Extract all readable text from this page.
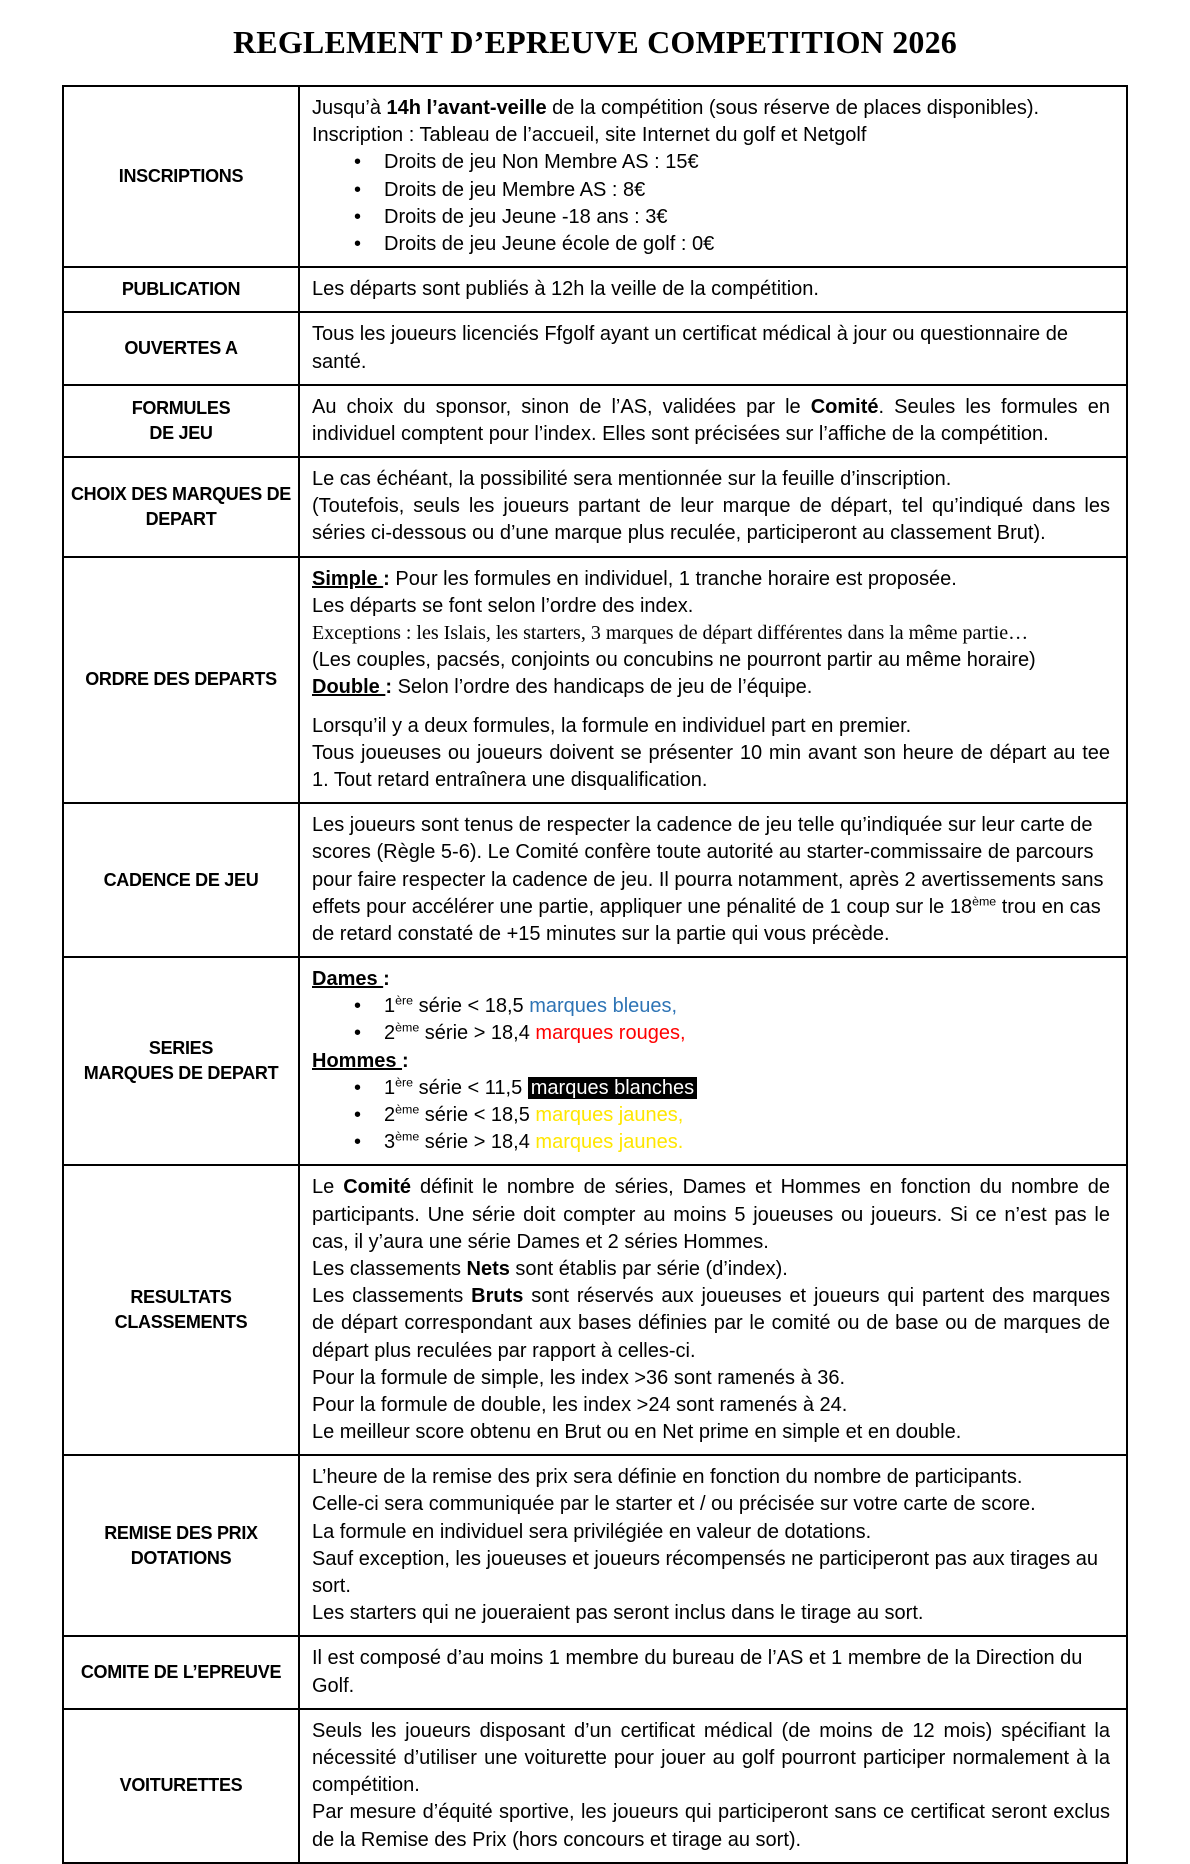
REGLEMENT D’EPREUVE COMPETITION 2026
INSCRIPTIONS
Jusqu’à 14h l’avant-veille de la compétition (sous réserve de places disponibles).
Inscription : Tableau de l’accueil, site Internet du golf et Netgolf
• Droits de jeu Non Membre AS : 15€
• Droits de jeu Membre AS : 8€
• Droits de jeu Jeune -18 ans : 3€
• Droits de jeu Jeune école de golf : 0€
PUBLICATION	Les départs sont publiés à 12h la veille de la compétition.
OUVERTES A
Tous les joueurs licenciés Ffgolf ayant un certificat médical à jour ou questionnaire de santé.
FORMULES
DE JEU
Au choix du sponsor, sinon de l’AS, validées par le Comité. Seules les formules en individuel comptent pour l’index. Elles sont précisées sur l’affiche de la compétition.
CHOIX DES MARQUES DE
DEPART
Le cas échéant, la possibilité sera mentionnée sur la feuille d’inscription.
(Toutefois, seuls les joueurs partant de leur marque de départ, tel qu’indiqué dans les séries ci-dessous ou d’une marque plus reculée, participeront au classement Brut).
ORDRE DES DEPARTS
Simple : Pour les formules en individuel, 1 tranche horaire est proposée.
Les départs se font selon l’ordre des index.
Exceptions : les Islais, les starters, 3 marques de départ différentes dans la même partie…
(Les couples, pacsés, conjoints ou concubins ne pourront partir au même horaire)
Double : Selon l’ordre des handicaps de jeu de l’équipe.
Lorsqu’il y a deux formules, la formule en individuel part en premier.
Tous joueuses ou joueurs doivent se présenter 10 min avant son heure de départ au tee 1. Tout retard entraînera une disqualification.
CADENCE DE JEU
Les joueurs sont tenus de respecter la cadence de jeu telle qu’indiquée sur leur carte de scores (Règle 5-6). Le Comité confère toute autorité au starter-commissaire de parcours pour faire respecter la cadence de jeu. Il pourra notamment, après 2 avertissements sans effets pour accélérer une partie, appliquer une pénalité de 1 coup sur le 18ème trou en cas de retard constaté de +15 minutes sur la partie qui vous précède.
SERIES
MARQUES DE DEPART
Dames :
• 1ère série < 18,5 marques bleues,
• 2ème série > 18,4 marques rouges,
Hommes :
• 1ère série < 11,5 marques blanches
• 2ème série < 18,5 marques jaunes,
• 3ème série > 18,4 marques jaunes.
RESULTATS CLASSEMENTS
Le Comité définit le nombre de séries, Dames et Hommes en fonction du nombre de participants. Une série doit compter au moins 5 joueuses ou joueurs. Si ce n’est pas le cas, il y’aura une série Dames et 2 séries Hommes.
Les classements Nets sont établis par série (d’index).
Les classements Bruts sont réservés aux joueuses et joueurs qui partent des marques de départ correspondant aux bases définies par le comité ou de base ou de marques de départ plus reculées par rapport à celles-ci.
Pour la formule de simple, les index >36 sont ramenés à 36.
Pour la formule de double, les index >24 sont ramenés à 24.
Le meilleur score obtenu en Brut ou en Net prime en simple et en double.
REMISE DES PRIX
DOTATIONS
L’heure de la remise des prix sera définie en fonction du nombre de participants.
Celle-ci sera communiquée par le starter et / ou précisée sur votre carte de score.
La formule en individuel sera privilégiée en valeur de dotations.
Sauf exception, les joueuses et joueurs récompensés ne participeront pas aux tirages au sort.
Les starters qui ne joueraient pas seront inclus dans le tirage au sort.
COMITE DE L’EPREUVE
Il est composé d’au moins 1 membre du bureau de l’AS et 1 membre de la Direction du Golf.
VOITURETTES
Seuls les joueurs disposant d’un certificat médical (de moins de 12 mois) spécifiant la nécessité d’utiliser une voiturette pour jouer au golf pourront participer normalement à la compétition.
Par mesure d’équité sportive, les joueurs qui participeront sans ce certificat seront exclus de la Remise des Prix (hors concours et tirage au sort).
